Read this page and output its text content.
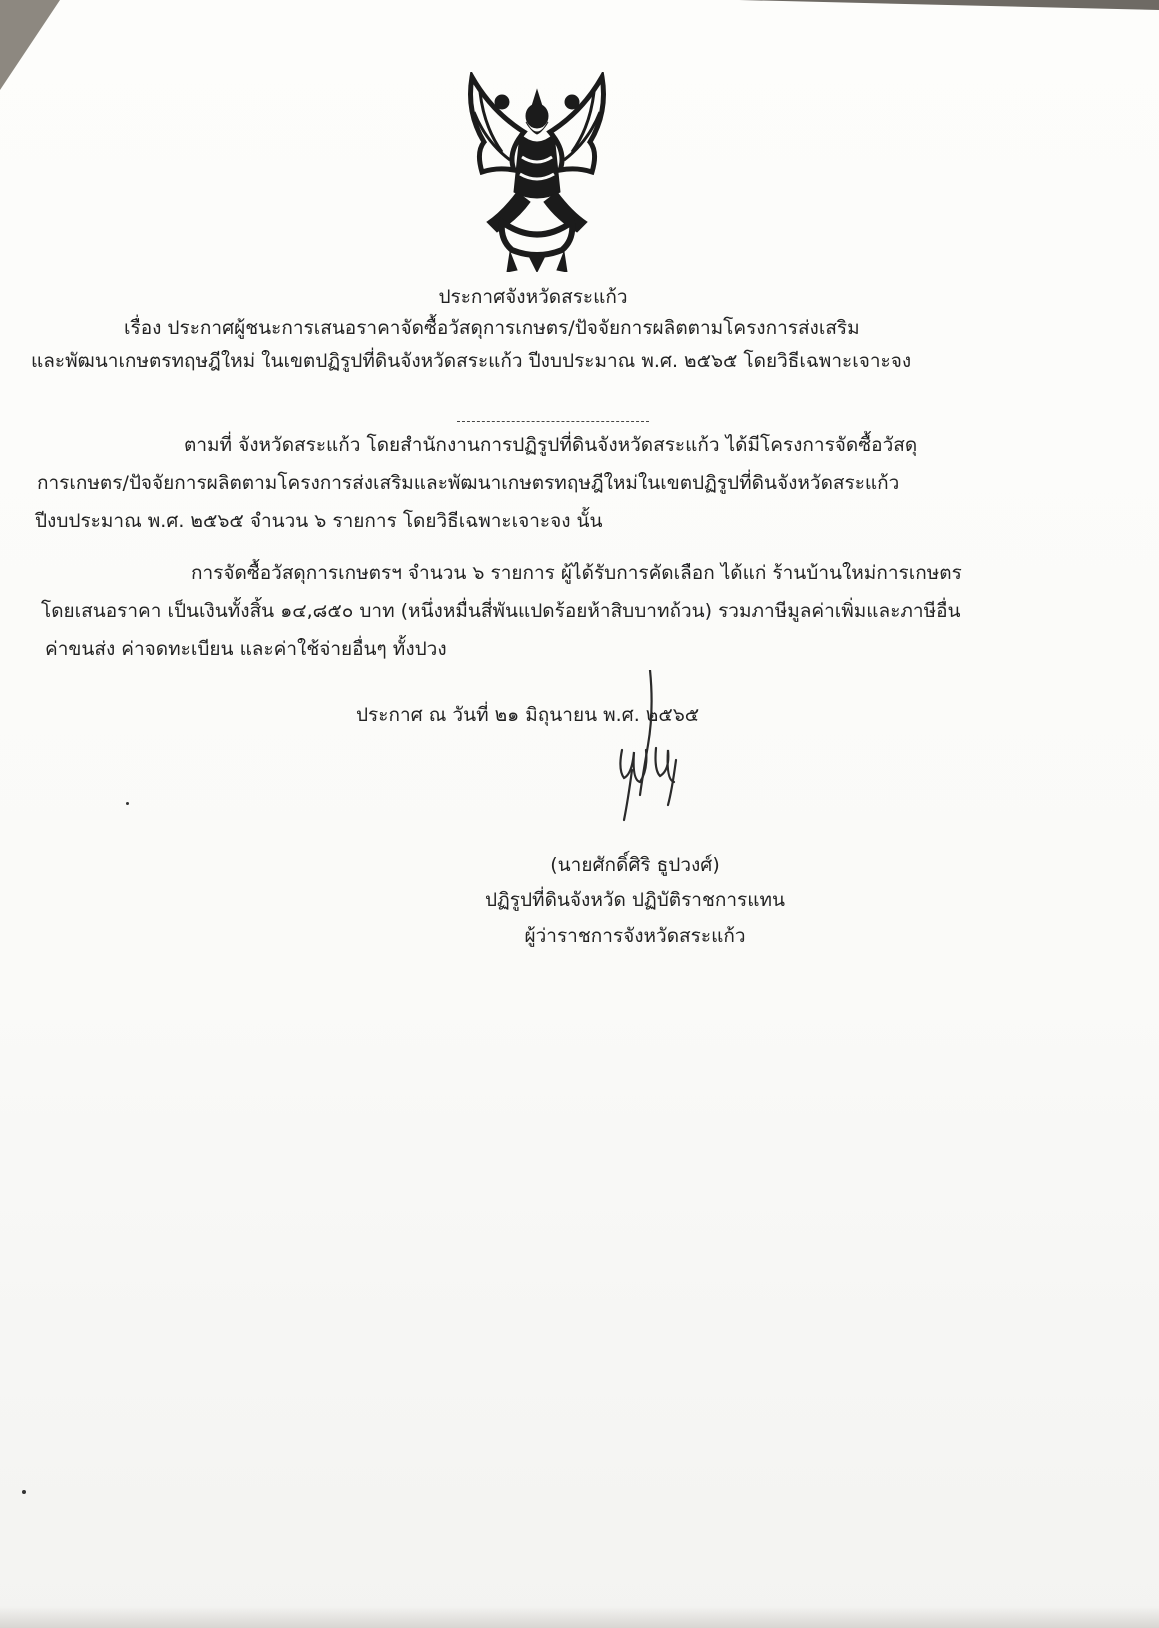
ประกาศจังหวัดสระแก้ว
เรื่อง ประกาศผู้ชนะการเสนอราคาจัดซื้อวัสดุการเกษตร/ปัจจัยการผลิตตามโครงการส่งเสริม
และพัฒนาเกษตรทฤษฎีใหม่ ในเขตปฏิรูปที่ดินจังหวัดสระแก้ว ปีงบประมาณ พ.ศ. ๒๕๖๕ โดยวิธีเฉพาะเจาะจง
ตามที่ จังหวัดสระแก้ว โดยสำนักงานการปฏิรูปที่ดินจังหวัดสระแก้ว ได้มีโครงการจัดซื้อวัสดุ
การเกษตร/ปัจจัยการผลิตตามโครงการส่งเสริมและพัฒนาเกษตรทฤษฎีใหม่ในเขตปฏิรูปที่ดินจังหวัดสระแก้ว
ปีงบประมาณ พ.ศ. ๒๕๖๕ จำนวน ๖ รายการ โดยวิธีเฉพาะเจาะจง นั้น
การจัดซื้อวัสดุการเกษตรฯ จำนวน ๖ รายการ ผู้ได้รับการคัดเลือก ได้แก่ ร้านบ้านใหม่การเกษตร
โดยเสนอราคา เป็นเงินทั้งสิ้น ๑๔,๘๕๐ บาท (หนึ่งหมื่นสี่พันแปดร้อยห้าสิบบาทถ้วน) รวมภาษีมูลค่าเพิ่มและภาษีอื่น
ค่าขนส่ง ค่าจดทะเบียน และค่าใช้จ่ายอื่นๆ ทั้งปวง
ประกาศ ณ วันที่ ๒๑ มิถุนายน พ.ศ. ๒๕๖๕
(นายศักดิ์ศิริ ธูปวงศ์)
ปฏิรูปที่ดินจังหวัด ปฏิบัติราชการแทน
ผู้ว่าราชการจังหวัดสระแก้ว
